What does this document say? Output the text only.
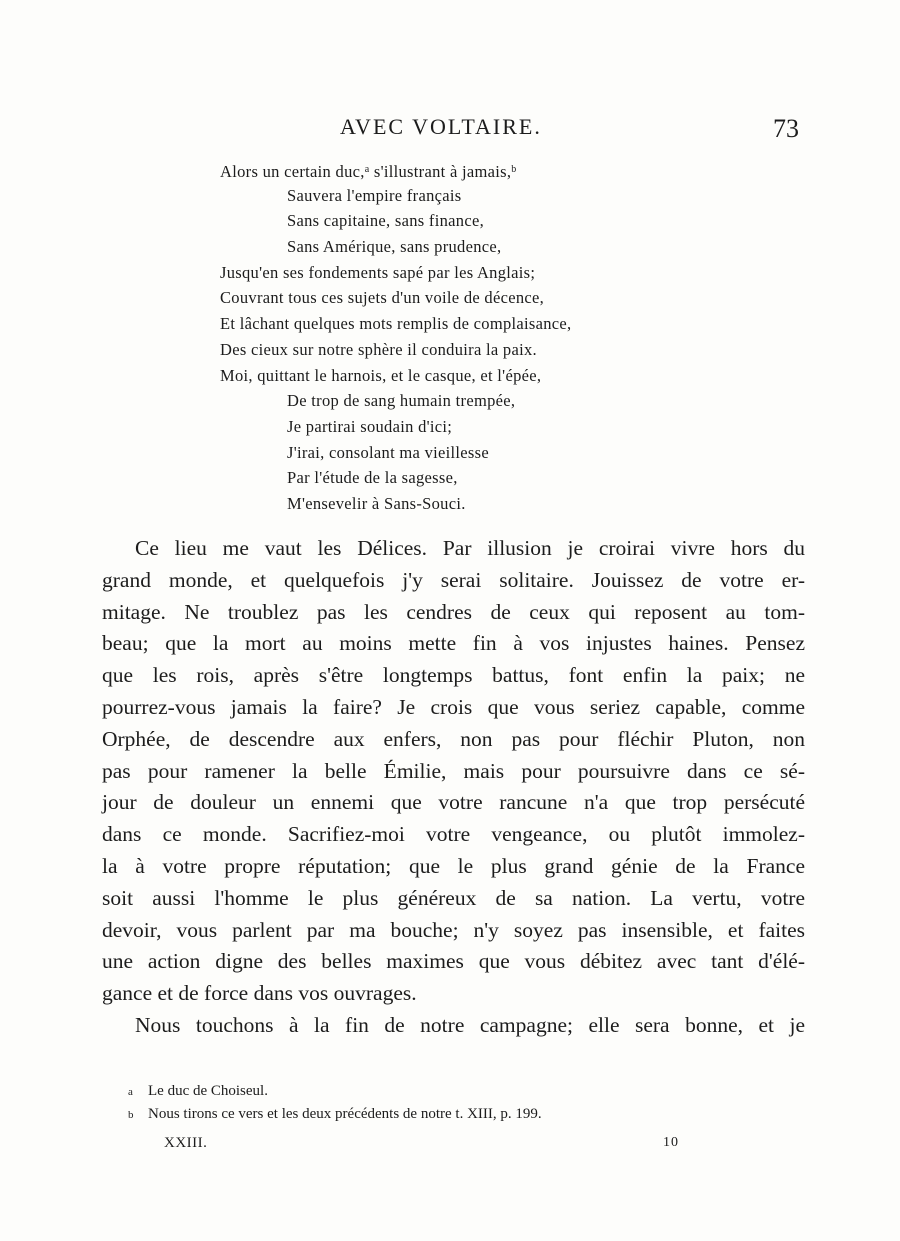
AVEC VOLTAIRE.	73
Alors un certain duc,$^a$ s'illustrant à jamais,$^b$
Sauvera l'empire français
Sans capitaine, sans finance,
Sans Amérique, sans prudence,
Jusqu'en ses fondements sapé par les Anglais;
Couvrant tous ces sujets d'un voile de décence,
Et lâchant quelques mots remplis de complaisance,
Des cieux sur notre sphère il conduira la paix.
Moi, quittant le harnois, et le casque, et l'épée,
De trop de sang humain trempée,
Je partirai soudain d'ici;
J'irai, consolant ma vieillesse
Par l'étude de la sagesse,
M'ensevelir à Sans-Souci.
Ce lieu me vaut les Délices. Par illusion je croirai vivre hors du
grand monde, et quelquefois j'y serai solitaire. Jouissez de votre er-
mitage. Ne troublez pas les cendres de ceux qui reposent au tom-
beau; que la mort au moins mette fin à vos injustes haines. Pensez
que les rois, après s'être longtemps battus, font enfin la paix; ne
pourrez-vous jamais la faire? Je crois que vous seriez capable, comme
Orphée, de descendre aux enfers, non pas pour fléchir Pluton, non
pas pour ramener la belle Émilie, mais pour poursuivre dans ce sé-
jour de douleur un ennemi que votre rancune n'a que trop persécuté
dans ce monde. Sacrifiez-moi votre vengeance, ou plutôt immolez-
la à votre propre réputation; que le plus grand génie de la France
soit aussi l'homme le plus généreux de sa nation. La vertu, votre
devoir, vous parlent par ma bouche; n'y soyez pas insensible, et faites
une action digne des belles maximes que vous débitez avec tant d'élé-
gance et de force dans vos ouvrages.
Nous touchons à la fin de notre campagne; elle sera bonne, et je
a Le duc de Choiseul.
b Nous tirons ce vers et les deux précédents de notre t. XIII, p. 199.
XXIII.	10
